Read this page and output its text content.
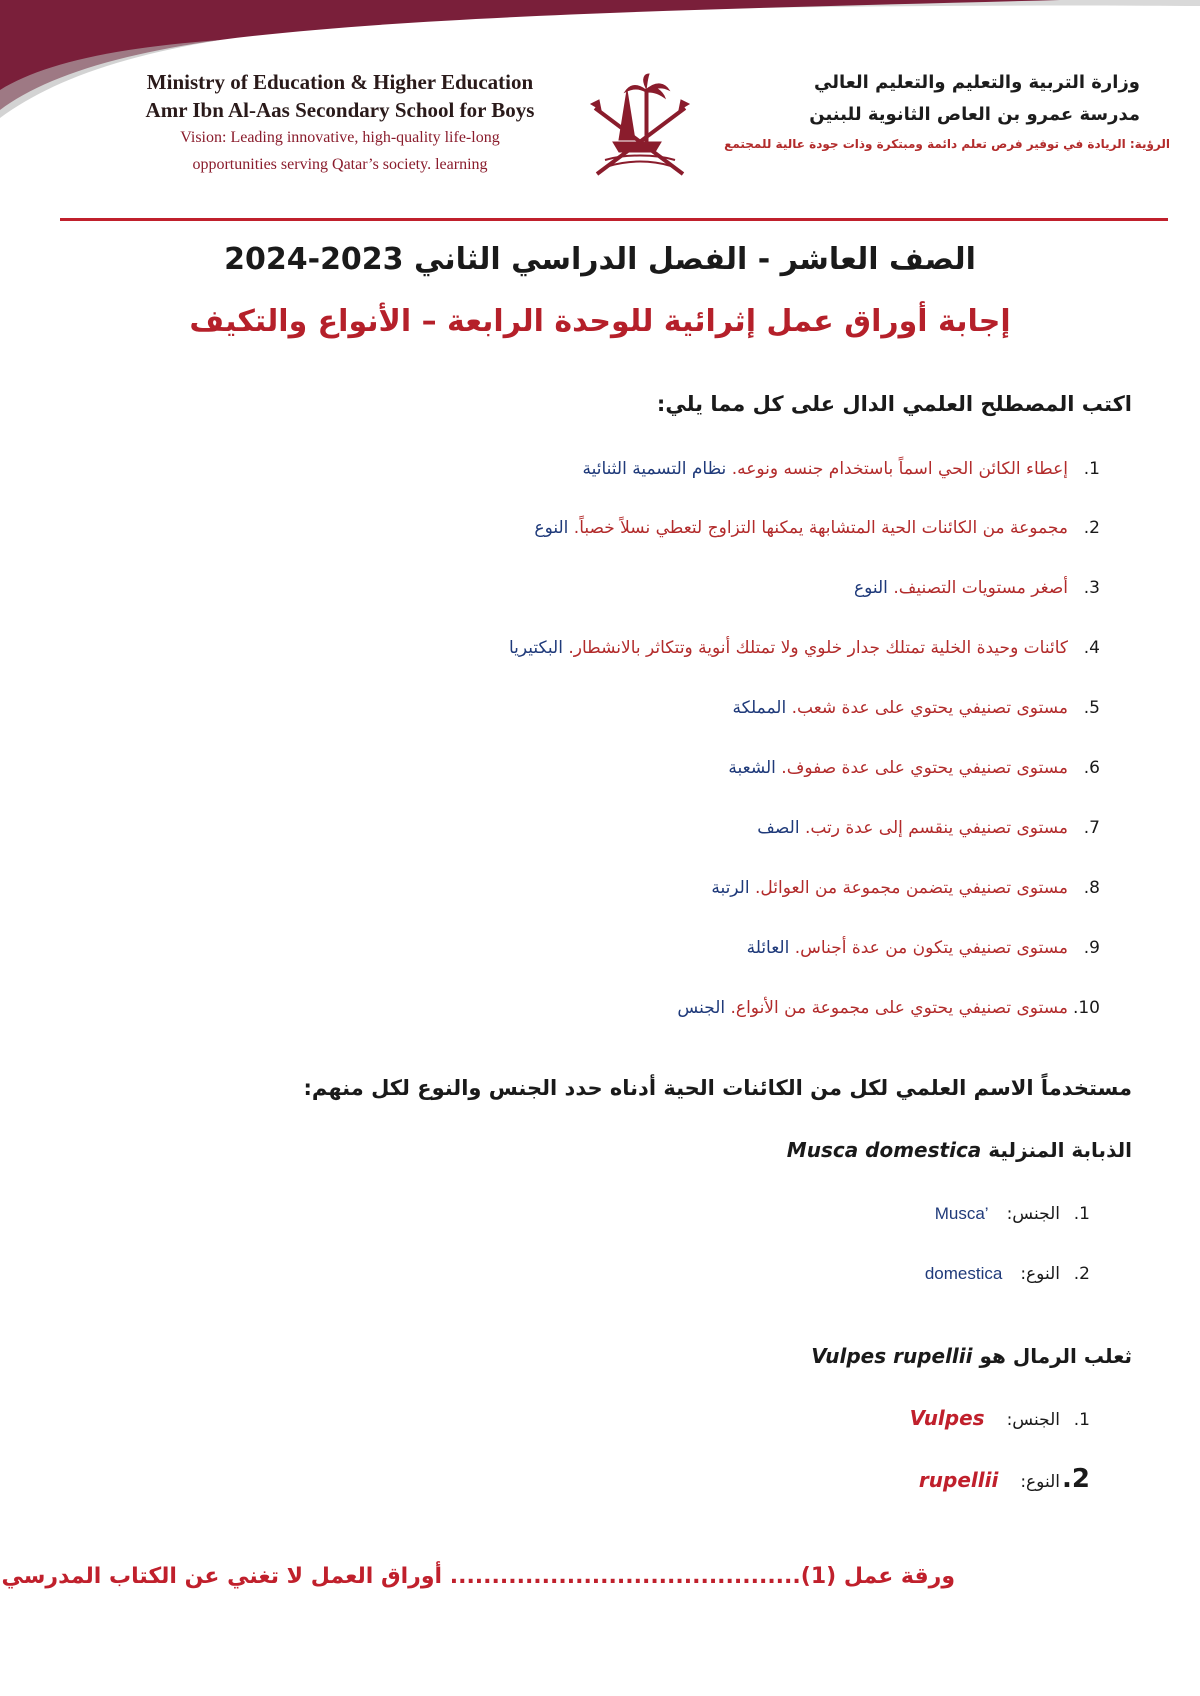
Ministry of Education & Higher Education
Amr Ibn Al-Aas Secondary School for Boys
Vision: Leading innovative, high-quality life-long
opportunities serving Qatar’s society. learning
وزارة التربية والتعليم والتعليم العالي
مدرسة عمرو بن العاص الثانوية للبنين
الرؤية: الريادة في توفير فرص تعلم دائمة ومبتكرة وذات جودة عالية للمجتمع
الصف العاشر - الفصل الدراسي الثاني 2023-2024
إجابة أوراق عمل إثرائية للوحدة الرابعة – الأنواع والتكيف
اكتب المصطلح العلمي الدال على كل مما يلي:
1.إعطاء الكائن الحي اسماً باستخدام جنسه ونوعه. نظام التسمية الثنائية
2.مجموعة من الكائنات الحية المتشابهة يمكنها التزاوج لتعطي نسلاً خصباً. النوع
3.أصغر مستويات التصنيف. النوع
4.كائنات وحيدة الخلية تمتلك جدار خلوي ولا تمتلك أنوية وتتكاثر بالانشطار. البكتيريا
5.مستوى تصنيفي يحتوي على عدة شعب. المملكة
6.مستوى تصنيفي يحتوي على عدة صفوف. الشعبة
7.مستوى تصنيفي ينقسم إلى عدة رتب. الصف
8.مستوى تصنيفي يتضمن مجموعة من العوائل. الرتبة
9.مستوى تصنيفي يتكون من عدة أجناس. العائلة
10.مستوى تصنيفي يحتوي على مجموعة من الأنواع. الجنس
مستخدماً الاسم العلمي لكل من الكائنات الحية أدناه حدد الجنس والنوع لكل منهم:
الذبابة المنزلية Musca domestica
1.الجنس:Musca’
2.النوع:domestica
ثعلب الرمال هو Vulpes rupellii
1.الجنس:Vulpes
2.النوع:rupellii
ورقة عمل (1).......................................... أوراق العمل لا تغني عن الكتاب المدرسي
